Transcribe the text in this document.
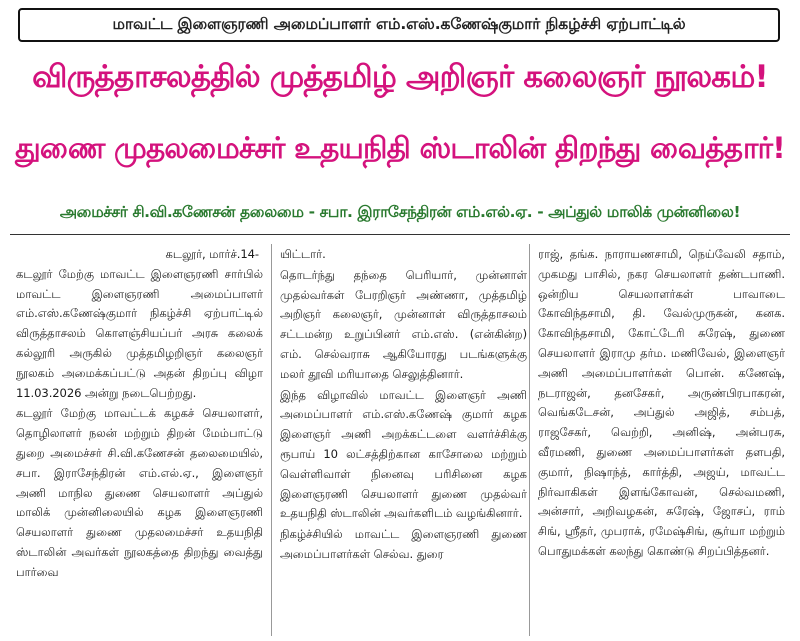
மாவட்ட இளைஞரணி அமைப்பாளர் எம்.எஸ்.கணேஷ்குமார் நிகழ்ச்சி ஏற்பாட்டில்
விருத்தாசலத்தில் முத்தமிழ் அறிஞர் கலைஞர் நூலகம்!
துணை முதலமைச்சர் உதயநிதி ஸ்டாலின் திறந்து வைத்தார்!
அமைச்சர் சி.வி.கணேசன் தலைமை - சபா. இராசேந்திரன் எம்.எல்.ஏ. - அப்துல் மாலிக் முன்னிலை!
கடலூர், மார்ச்.14-

கடலூர் மேற்கு மாவட்ட இளைஞரணி சார்பில் மாவட்ட இளைஞரணி அமைப்பாளர் எம்.எஸ்.கணேஷ்குமார் நிகழ்ச்சி ஏற்பாட்டில் விருத்தாசலம் கொளஞ்சியப்பர் அரசு கலைக் கல்லூரி அருகில் முத்தமிழறிஞர் கலைஞர் நூலகம் அமைக்கப்பட்டு அதன் திறப்பு விழா 11.03.2026 அன்று நடைபெற்றது.

கடலூர் மேற்கு மாவட்டக் கழகச் செயலாளர், தொழிலாளர் நலன் மற்றும் திறன் மேம்பாட்டு துறை அமைச்சர் சி.வி.கணேசன் தலைமையில், சபா. இராசேந்திரன் எம்.எல்.ஏ., இளைஞர் அணி மாநில துணை செயலாளர் அப்துல் மாலிக் முன்னிலையில் கழக இளைஞரணி செயலாளர் துணை முதலமைச்சர் உதயநிதி ஸ்டாலின் அவர்கள் நூலகத்தை திறந்து வைத்து பார்வை

யிட்டார்.

தொடர்ந்து தந்தை பெரியார், முன்னாள் முதல்வர்கள் பேரறிஞர் அண்ணா, முத்தமிழ் அறிஞர் கலைஞர், முன்னாள் விருத்தாசலம் சட்டமன்ற உறுப்பினர் எம்.எஸ். (என்கின்ற) எம். செல்வராசு ஆகியோரது படங்களுக்கு மலர் தூவி மரியாதை செலுத்தினார்.

இந்த விழாவில் மாவட்ட இளைஞர் அணி அமைப்பாளர் எம்.எஸ்.கணேஷ் குமார் கழக இளைஞர் அணி அறக்கட்டளை வளர்ச்சிக்கு ரூபாய் 10 லட்சத்திற்கான காசோலை மற்றும் வெள்ளிவாள் நினைவு பரிசினை கழக இளைஞரணி செயலாளர் துணை முதல்வர் உதயநிதி ஸ்டாலின் அவர்களிடம் வழங்கினார்.

நிகழ்ச்சியில் மாவட்ட இளைஞரணி துணை அமைப்பாளர்கள் செல்வ. துரை

ராஜ், தங்க. நாராயணசாமி, நெய்வேலி சதாம், முகமது பாசில், நகர செயலாளர் தண்டபாணி. ஒன்றிய செயலாளர்கள் பாவாடை கோவிந்தசாமி, தி. வேல்முருகன், கனக. கோவிந்தசாமி, கோட்டேரி சுரேஷ், துணை செயலாளர் இராமு தர்ம. மணிவேல், இளைஞர் அணி அமைப்பாளர்கள் பொன். கணேஷ், நடராஜன், தனசேகர், அருண்பிரபாகரன், வெங்கடேசன், அப்துல் அஜித், சம்பத், ராஜசேகர், வெற்றி, அனிஷ், அன்பரசு, வீரமணி, துணை அமைப்பாளர்கள் தளபதி, குமார், நிஷாந்த், கார்த்தி, அஜய், மாவட்ட நிர்வாகிகள் இளங்கோவன், செல்வமணி, அன்சார், அறிவழகன், சுரேஷ், ஜோசப், ராம் சிங், ஸ்ரீதர், முபராக், ரமேஷ்சிங், சூர்யா மற்றும் பொதுமக்கள் கலந்து கொண்டு சிறப்பித்தனர்.
